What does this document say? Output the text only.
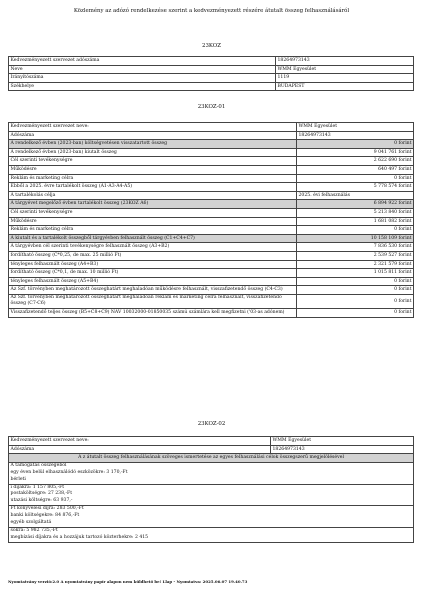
Közlemény az adózó rendelkezése szerint a kedvezményezett részére átutalt összeg felhasználásáról
23KOZ
Kedvezményezett szervezet adószáma	18264973143
Neve	WMM Egyesület
Irányítószáma	1119
Székhelye	BUDAPEST
23KOZ-01
Kedvezményezett szervezet neve:	WMM Egyesület
Adószáma	18264973143
A rendelkező évben (2023-ban) költségvetésen visszatartott összeg	0 forint
A rendelkező évben (2023-ban) kiutalt összeg	9 041 761 forint
Cél szerinti tevékenységre	2 622 690 forint
Működésre	640 497 forint
Reklám és marketing célra	0 forint
Ebből a 2025. évre tartalékolt összeg (A1-A3-A4-A5)	5 778 574 forint
A tartalékolás célja	2025. évi felhasználás
A tárgyévet megelőző évben tartalékolt összeg (23KOZ A6)	6 894 922 forint
Cél szerinti tevékenységre	5 213 840 forint
Működésre	1 681 082 forint
Reklám és marketing célra	0 forint
A kiutalt és a tartalékolt összegből tárgyévben felhasznált összeg (C1+C4+C7)	10 158 109 forint
A tárgyévben cél szerinti tevékenységre felhasznált összeg (A3+B2)	7 836 530 forint
fordítható összeg (C*0,25, de max. 25 millió Ft)	2 539 527 forint
tényleges felhasznált összeg (A4+B3)	2 321 579 forint
fordítható összeg (C*0,1, de max. 10 millió Ft)	1 015 811 forint
tényleges felhasznált összeg (A5+B4)	0 forint
Az Szf. törvényben meghatározott összeghatárt meghaladóan működésre felhasznált, visszafizetendő összeg (C4-C3)	0 forint
Az Szf. törvényben meghatározott összeghatárt meghaladóan reklám és marketing célra felhasznált, visszafizetendő összeg (C7-C6)	0 forint
Visszafizetendő teljes összeg (B5+C8+C9) NAV 10032000-01850035 számú számlára kell megfizetni ('03-as adónem)	0 forint
23KOZ-02
Kedvezményezett szervezet neve:	WMM Egyesület
Adószáma	18264973143
A z átutalt összeg felhasználásának szöveges ismertetése az egyes felhasználási célok összegszerű megjelölésével	

A támogatás összegéből
egy éven belül elhasználódó eszközökre: 3 170,-Ft
bérleti	

i díjakra: 1 157 805,-Ft
postaköltségre: 27 238,-Ft
utazási költségre: 63 937,-	

Ft könyvelési díjra: 283 500,-Ft
banki költségekre: 84 876,-Ft
egyéb szolgáltatá	

sokra: 5 982 735,-Ft
megbízási díjakra és a hozzájuk tartozó közterhekre: 2 415	
Nyomtatvány verzió:2.0 A nyomtatvány papír alapon nem küldhető be! Llap - Nyomtatva: 2025.06.07 19.40.73
